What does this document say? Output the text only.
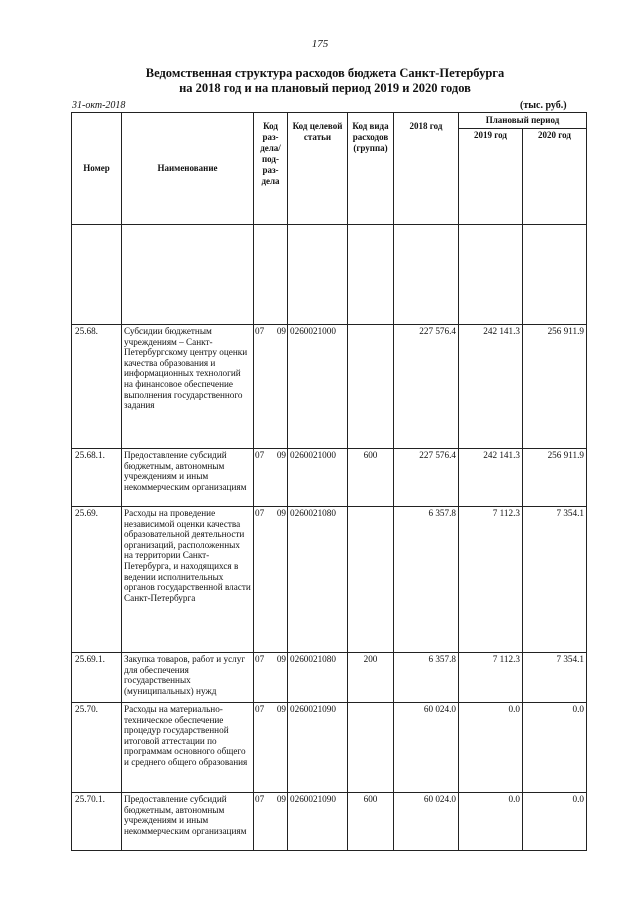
175
Ведомственная структура расходов бюджета Санкт-Петербурга
на 2018 год и на плановый период 2019 и 2020 годов
31-окт-2018	(тыс. руб.)
Номер	Наименование	Код раз-дела/ под-раз-дела	Код целевой статьи	Код вида расходов (группа)	2018 год	Плановый период	
						2019 год	2020 год

25.68.	Субсидии бюджетным учреждениям – Санкт-Петербургскому центру оценки качества образования и информационных технологий на финансовое обеспечение выполнения государственного задания	07 09	0260021000		227 576.4	242 141.3	256 911.9
25.68.1.	Предоставление субсидий бюджетным, автономным учреждениям и иным некоммерческим организациям	07 09	0260021000	600	227 576.4	242 141.3	256 911.9
25.69.	Расходы на проведение независимой оценки качества образовательной деятельности организаций, расположенных на территории Санкт-Петербурга, и находящихся в ведении исполнительных органов государственной власти Санкт-Петербурга	07 09	0260021080		6 357.8	7 112.3	7 354.1
25.69.1.	Закупка товаров, работ и услуг для обеспечения государственных (муниципальных) нужд	07 09	0260021080	200	6 357.8	7 112.3	7 354.1
25.70.	Расходы на материально-техническое обеспечение процедур государственной итоговой аттестации по программам основного общего и среднего общего образования	07 09	0260021090		60 024.0	0.0	0.0
25.70.1.	Предоставление субсидий бюджетным, автономным учреждениям и иным некоммерческим организациям	07 09	0260021090	600	60 024.0	0.0	0.0
